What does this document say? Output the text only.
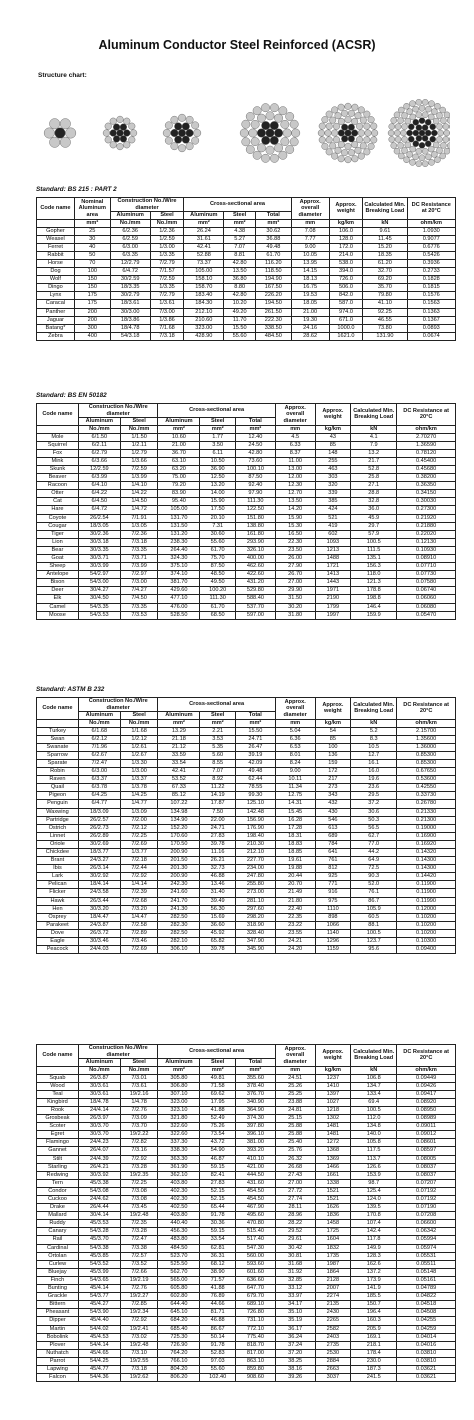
Aluminum Conductor Steel Reinforced (ACSR)
Structure chart:
Standard: BS 215 : PART 2
Code name	Nominal Aluminum area	Construction No./Wire diameter		Cross-sectional area			Approx. overall diameter	Approx. weight	Calculated Min. Breaking Load	DC Resistance at 20°C
		Aluminum	Steel	Aluminum	Steel	Total				
	mm²	No./mm	No./mm	mm²	mm²	mm²	mm	kg/km	kN	ohm/km
Gopher	25	6/2.36	1/2.36	26.24	4.38	30.62	7.08	106.0	9.61	1.0930
Weasel	30	6/2.59	1/2.59	31.61	5.27	36.88	7.77	128.0	11.45	0.9077
Ferret	40	6/3.00	1/3.00	42.41	7.07	49.48	9.00	172.0	15.20	0.6776
Rabbit	50	6/3.35	1/3.35	52.88	8.81	61.70	10.05	214.0	18.35	0.5426
Horse	70	12/2.79	7/2.79	73.37	42.80	116.20	13.95	538.0	61.20	0.3936
Dog	100	6/4.72	7/1.57	105.00	13.50	118.50	14.15	394.0	32.70	0.2733
Wolf	150	30/2.59	7/2.59	158.10	36.80	194.90	18.13	726.0	69.20	0.1828
Dingo	150	18/3.35	1/3.35	158.70	8.80	167.50	16.75	506.0	35.70	0.1815
Lynx	175	30/2.79	7/2.79	183.40	42.80	226.20	19.53	842.0	79.80	0.1576
Caracal	175	18/3.61	1/3.61	184.30	10.20	194.50	18.05	587.0	41.10	0.1563
Panther	200	30/3.00	7/3.00	212.10	49.20	261.50	21.00	974.0	92.25	0.1363
Jaguar	200	18/3.86	1/3.86	210.60	11.70	222.30	19.30	671.0	46.55	0.1367
Batang*	300	18/4.78	7/1.68	323.00	15.50	338.50	24.16	1000.0	73.80	0.0893
Zebra	400	54/3.18	7/3.18	428.90	55.60	484.50	28.62	1621.0	131.90	0.0674
Standard: BS EN 50182
Code name	Construction No./Wire diameter		Cross-sectional area			Approx. overall diameter	Approx. weight	Calculated Min. Breaking Load	DC Resistance at 20°C
	Aluminum	Steel	Aluminum	Steel	Total				
	No./mm	No./mm	mm²	mm²	mm²	mm	kg/km	kN	ohm/km
Mole	6/1.50	1/1.50	10.60	1.77	12.40	4.5	43	4.1	2.70270
Squirrel	6/2.11	1/2.11	21.00	3.50	24.50	6.33	85	7.9	1.36590
Fox	6/2.79	1/2.79	36.70	6.11	42.80	8.37	148	13.2	0.78120
Mink	6/3.66	1/3.66	63.10	10.50	73.60	11.00	255	21.7	0.45400
Skunk	12/2.59	7/2.59	63.20	36.90	100.10	13.00	463	52.8	0.45680
Beaver	6/3.99	1/3.99	75.00	12.50	87.50	12.00	303	25.8	0.38200
Racoon	6/4.10	1/4.10	79.20	13.20	92.40	12.30	320	27.1	0.36350
Otter	6/4.22	1/4.22	83.90	14.00	97.90	12.70	339	28.8	0.34150
Cat	6/4.50	1/4.50	95.40	15.90	111.30	13.50	385	32.8	0.30030
Hare	6/4.72	1/4.72	105.00	17.50	122.50	14.20	424	36.0	0.27300
Coyote	26/2.54	7/1.91	131.70	20.10	151.80	15.90	521	45.9	0.21920
Cougar	18/3.05	1/3.05	131.50	7.31	138.80	15.30	419	29.7	0.21880
Tiger	30/2.36	7/2.36	131.20	30.60	161.80	16.50	602	57.9	0.22020
Lion	30/3.18	7/3.18	238.30	55.60	293.90	22.30	1093	100.5	0.12130
Bear	30/3.35	7/3.35	264.40	61.70	326.10	23.50	1213	111.5	0.10930
Goat	30/3.71	7/3.71	324.30	75.70	400.00	26.00	1488	135.1	0.08910
Sheep	30/3.99	7/3.99	375.10	87.50	462.60	27.90	1721	156.3	0.07710
Antelope	54/2.97	7/2.97	374.10	48.50	422.60	26.70	1413	118.0	0.07730
Bison	54/3.00	7/3.00	381.70	49.50	431.20	27.00	1443	121.3	0.07580
Deer	30/4.27	7/4.27	429.60	100.20	529.80	29.90	1971	178.8	0.06740
Elk	30/4.50	7/4.50	477.10	111.30	588.40	31.50	2190	198.8	0.06060
Camel	54/3.35	7/3.35	476.00	61.70	537.70	30.20	1799	146.4	0.06080
Moose	54/3.53	7/3.53	528.50	68.50	597.00	31.80	1997	159.9	0.05470
Standard: ASTM B 232
Code name	Construction No./Wire diameter		Cross-sectional area			Approx. overall diameter	Approx. weight	Calculated Min. Breaking Load	DC Resistance at 20°C
	Aluminum	Steel	Aluminum	Steel	Total				
	No./mm	No./mm	mm²	mm²	mm²	mm	kg/km	kN	ohm/km
Turkey	6/1.68	1/1.68	13.29	2.21	15.50	5.04	54	5.2	2.15700
Swan	6/2.12	1/2.12	21.18	3.53	24.71	6.36	85	8.3	1.35600
Swanate	7/1.96	1/2.61	21.12	5.35	26.47	6.53	100	10.5	1.36000
Sparrow	6/2.67	1/2.67	33.59	5.60	39.19	8.01	136	12.7	0.85300
Sparate	7/2.47	1/3.30	33.54	8.55	42.09	8.24	159	16.1	0.85300
Robin	6/3.00	1/3.00	42.41	7.07	49.48	9.00	172	16.0	0.67650
Raven	6/3.37	1/3.37	53.52	8.92	62.44	10.11	217	19.6	0.53600
Quail	6/3.78	1/3.78	67.33	11.22	78.55	11.34	273	23.6	0.42550
Pigeon	6/4.25	1/4.25	85.12	14.19	99.30	12.75	343	29.5	0.33730
Penguin	6/4.77	1/4.77	107.22	17.87	125.10	14.31	432	37.2	0.26780
Waxwing	18/3.09	1/3.09	134.98	7.50	142.48	15.45	430	30.6	0.21330
Partridge	26/2.57	7/2.00	134.90	22.00	156.90	16.28	546	50.3	0.21300
Ostrich	26/2.73	7/2.12	152.20	24.71	176.90	17.28	613	56.5	0.19000
Linnet	26/2.89	7/2.25	170.60	27.83	198.40	18.31	689	62.7	0.16900
Oriole	30/2.69	7/2.69	170.50	39.78	210.30	18.83	784	77.0	0.16920
Chickdee	18/3.77	1/3.77	200.90	11.16	212.10	18.85	641	44.2	0.14320
Brant	24/3.27	7/2.18	201.50	26.21	227.70	19.61	761	64.9	0.14300
Ibis	26/3.14	7/2.44	201.30	32.73	234.00	19.88	812	72.5	0.14300
Lark	30/2.92	7/2.92	200.90	46.88	247.80	20.44	925	90.3	0.14420
Pelican	18/4.14	1/4.14	242.30	13.46	255.80	20.70	771	52.0	0.11900
Flicker	24/3.58	7/2.39	241.60	31.40	273.00	21.49	916	76.1	0.11900
Hawk	26/3.44	7/2.68	241.70	39.49	281.10	21.80	975	86.7	0.11990
Hen	30/3.20	7/3.20	241.30	56.30	297.60	22.40	1110	105.9	0.12000
Osprey	18/4.47	1/4.47	282.50	15.69	298.20	22.35	898	60.5	0.10200
Parakeet	24/3.87	7/2.58	282.30	36.60	318.90	23.22	1066	88.1	0.10200
Dove	26/3.72	7/2.89	282.50	45.92	328.40	23.55	1140	100.5	0.10200
Eagle	30/3.46	7/3.46	282.10	65.82	347.90	24.21	1296	123.7	0.10300
Peacock	24/4.03	7/2.69	306.10	39.78	345.90	24.20	1159	95.6	0.09400
Code name	Construction No./Wire diameter		Cross-sectional area			Approx. overall diameter	Approx. weight	Calculated Min. Breaking Load	DC Resistance at 20°C
	Aluminum	Steel	Aluminum	Steel	Total				
	No./mm	No./mm	mm²	mm²	mm²	mm	kg/km	kN	ohm/km
Squab	26/3.87	7/3.01	305.80	49.81	355.60	24.51	1237	106.8	0.09449
Wood	30/3.61	7/3.61	306.80	71.58	378.40	25.26	1410	134.7	0.09426
Teal	30/3.61	19/2.16	307.10	69.62	376.70	25.25	1397	133.4	0.09417
Kingbird	18/4.78	1/4.78	323.00	17.95	340.90	23.88	1027	69.4	0.08920
Rook	24/4.14	7/2.76	323.10	41.88	364.90	24.81	1218	100.5	0.08950
Grosbeak	26/3.97	7/3.09	321.80	52.49	374.30	25.15	1302	112.0	0.08989
Scoter	30/3.70	7/3.70	322.60	75.26	397.80	25.88	1481	134.8	0.09011
Egret	30/3.70	19/2.22	322.60	73.54	396.10	25.88	1481	140.0	0.09012
Flamingo	24/4.23	7/2.82	337.30	43.72	381.00	25.40	1272	105.8	0.08601
Gannet	26/4.07	7/3.16	338.30	54.90	393.20	25.76	1368	117.5	0.08597
Stilt	24/4.39	7/2.92	363.30	46.87	410.10	26.32	1369	113.7	0.08005
Starling	26/4.21	7/3.28	361.90	59.15	421.00	26.68	1466	126.6	0.08037
Redwing	30/3.92	19/2.35	362.10	82.41	444.50	27.43	1661	153.9	0.08037
Tern	45/3.38	7/2.25	403.80	27.83	431.60	27.00	1338	98.7	0.07207
Condor	54/3.08	7/3.08	402.30	52.15	454.50	27.72	1521	125.4	0.07192
Cuckoo	24/4.62	7/3.08	402.30	52.15	454.50	27.74	1521	124.0	0.07192
Drake	26/4.44	7/3.45	402.50	65.44	467.90	28.11	1626	139.5	0.07190
Mallard	30/4.14	19/2.48	403.80	91.78	495.60	28.96	1836	170.8	0.07208
Ruddy	45/3.53	7/2.35	440.40	30.36	470.80	28.22	1458	107.4	0.06600
Canary	54/3.28	7/3.28	456.30	59.15	515.40	29.52	1725	142.4	0.06342
Rail	45/3.70	7/2.47	483.80	33.54	517.40	29.61	1604	117.8	0.05994
Cardinal	54/3.38	7/3.38	484.50	62.81	547.30	30.42	1832	149.9	0.05974
Ortolan	45/3.85	7/2.57	523.70	36.31	560.00	30.81	1735	128.3	0.05531
Curlew	54/3.52	7/3.52	525.50	68.12	593.60	31.68	1987	162.6	0.05511
Bluejay	45/3.99	7/2.66	562.70	38.90	601.60	31.92	1864	137.2	0.05148
Finch	54/3.65	19/2.19	565.00	71.57	636.60	32.85	2128	173.9	0.05161
Bunting	45/4.14	7/2.76	605.80	41.88	647.70	33.12	2007	141.9	0.04789
Grackle	54/3.77	19/2.27	602.80	76.89	679.70	33.97	2274	185.5	0.04822
Bittern	45/4.27	7/2.85	644.40	44.66	689.10	34.17	2135	150.7	0.04518
Pheasant	54/3.90	19/2.34	645.10	81.71	726.80	35.10	2430	196.4	0.04508
Dipper	45/4.40	7/2.92	684.20	46.88	731.10	35.19	2265	160.3	0.04255
Martin	54/4.02	19/2.41	685.40	86.67	772.10	36.17	2582	205.9	0.04259
Bobolink	45/4.53	7/3.02	725.30	50.14	775.40	36.24	2403	169.1	0.04014
Plover	54/4.14	19/2.48	726.90	91.78	818.70	37.24	2735	218.1	0.04016
Nuthatch	45/4.65	7/3.10	764.20	52.83	817.00	37.20	2530	178.4	0.03810
Parrot	54/4.25	19/2.55	766.10	97.03	863.10	38.25	2884	230.0	0.03810
Lapwing	45/4.77	7/3.18	804.20	55.60	859.80	38.16	2663	187.3	0.03621
Falcon	54/4.36	19/2.62	806.20	102.40	908.60	39.26	3037	241.5	0.03621
